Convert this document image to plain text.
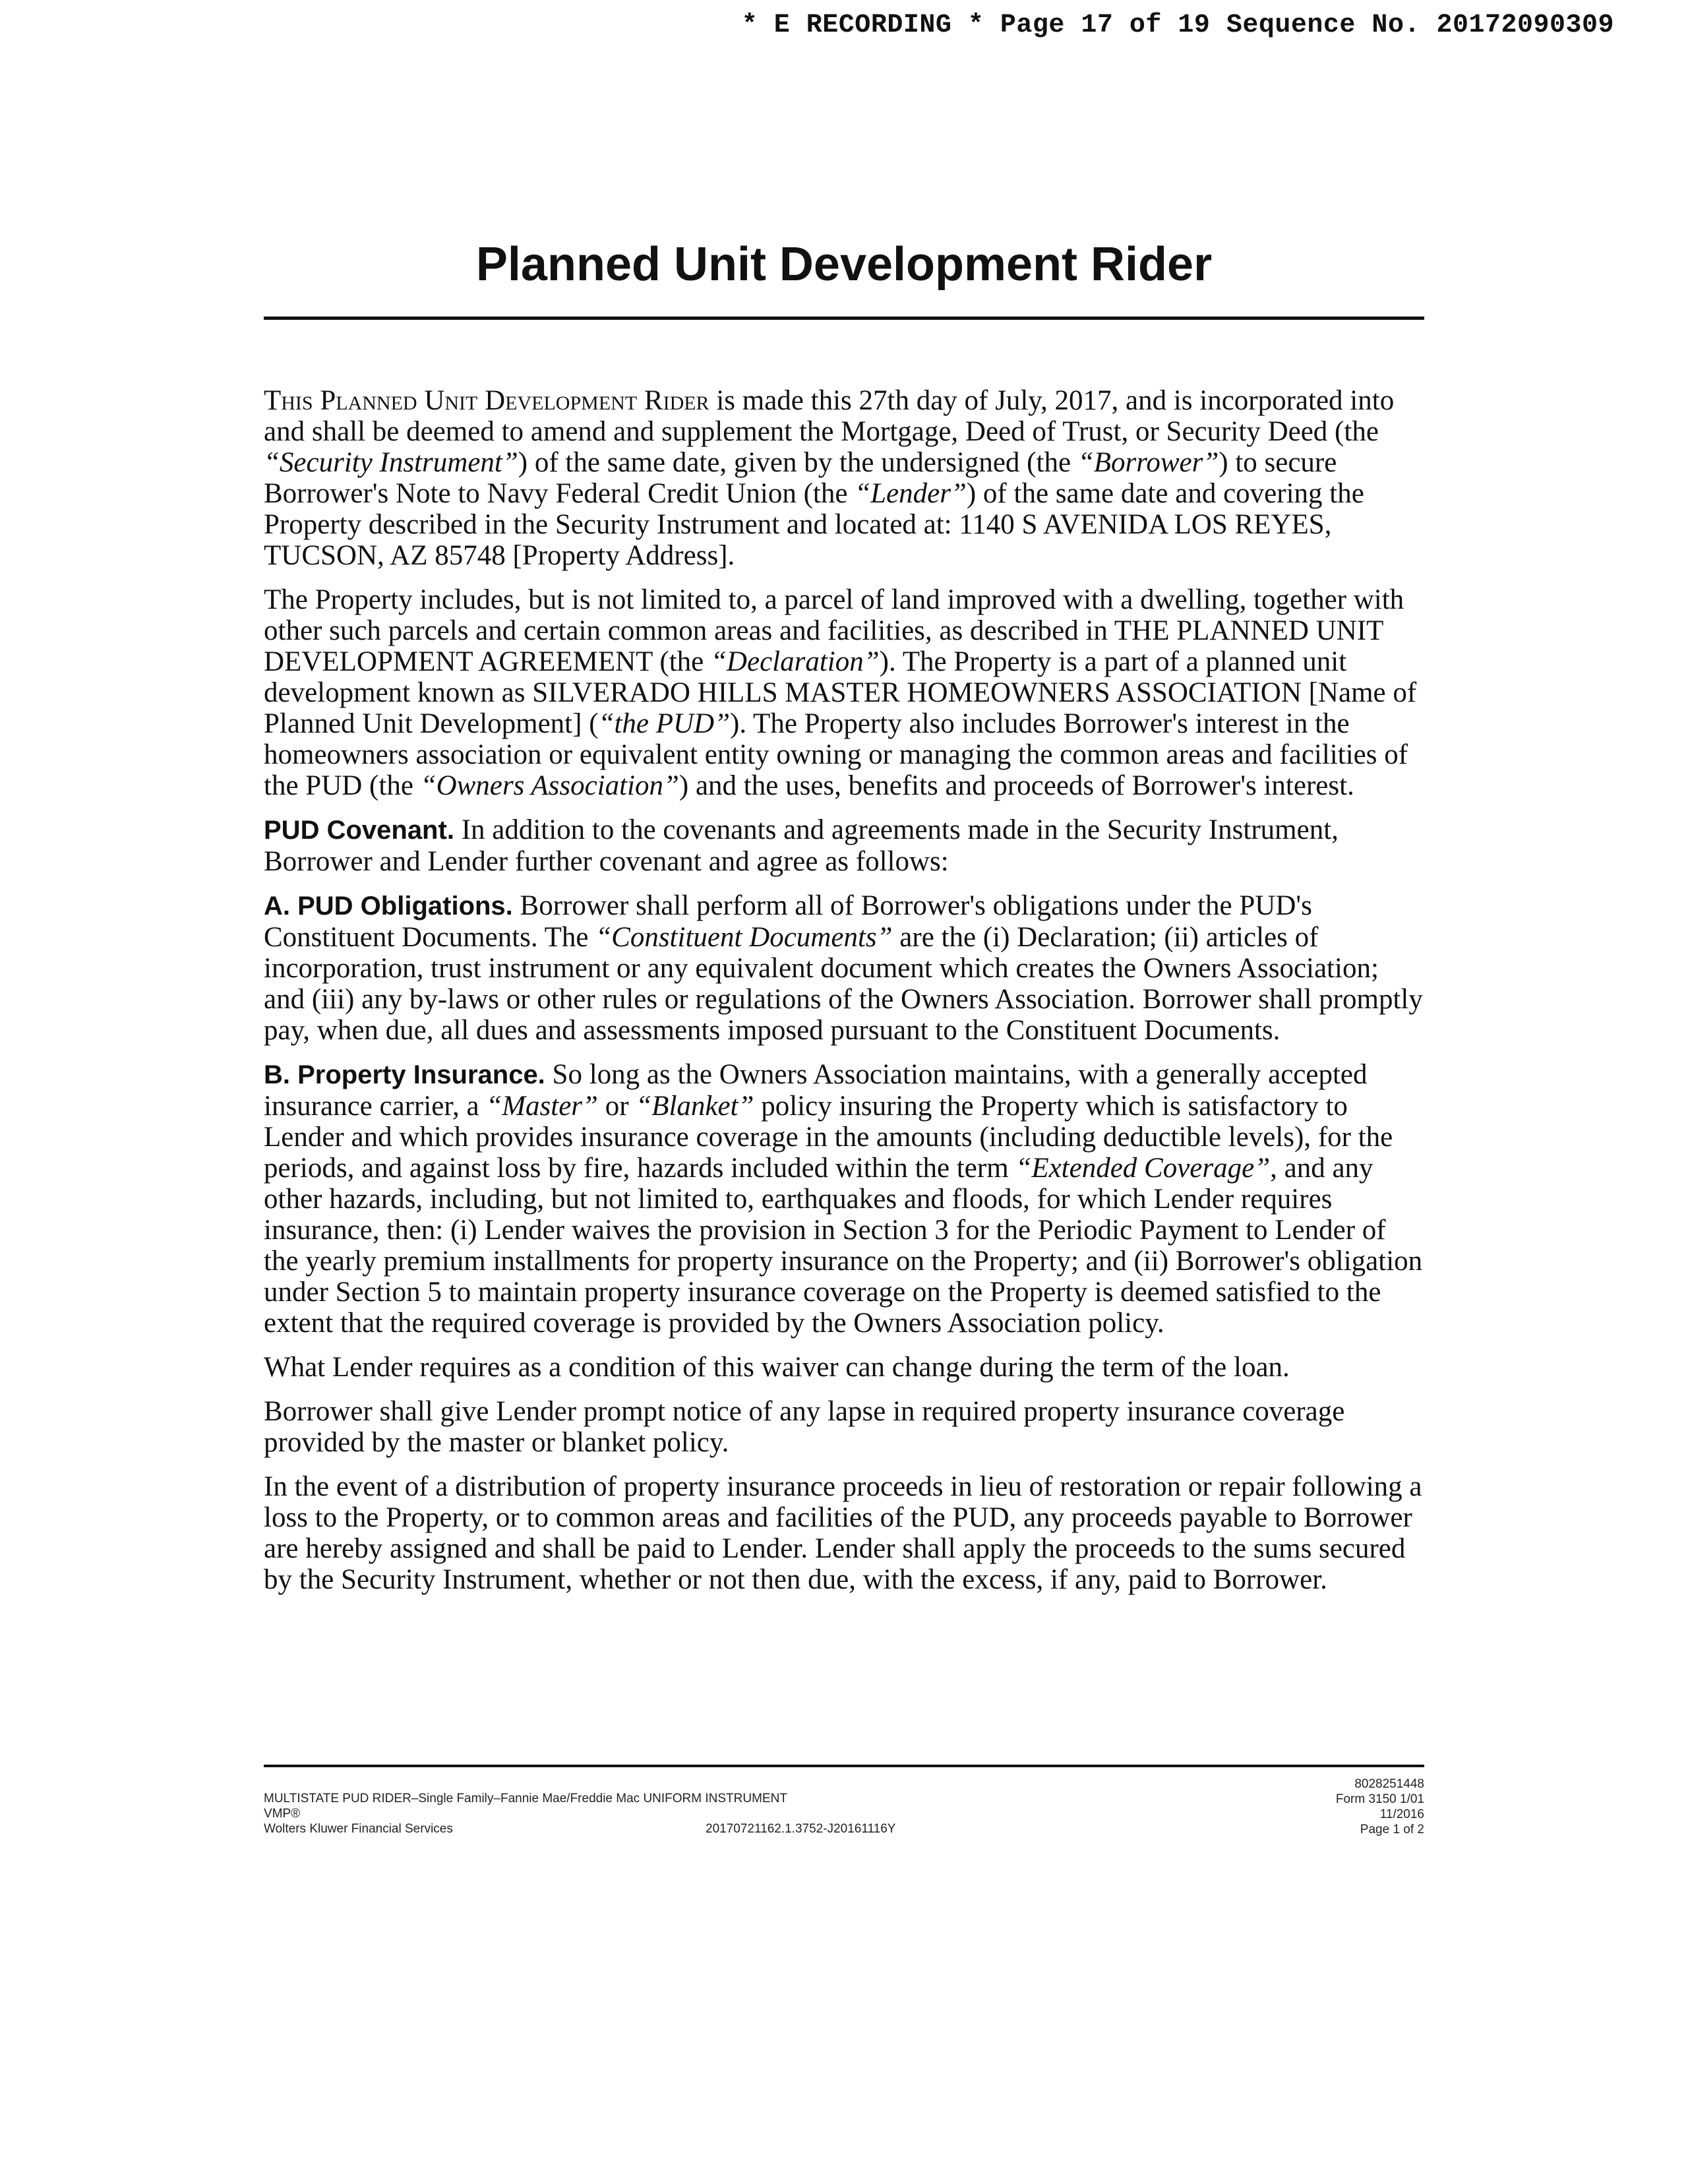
* E RECORDING * Page 17 of 19 Sequence No. 20172090309
Planned Unit Development Rider

This Planned Unit Development Rider is made this 27th day of July, 2017, and is incorporated into and shall be deemed to amend and supplement the Mortgage, Deed of Trust, or Security Deed (the “Security Instrument”) of the same date, given by the undersigned (the “Borrower”) to secure Borrower's Note to Navy Federal Credit Union (the “Lender”) of the same date and covering the Property described in the Security Instrument and located at: 1140 S AVENIDA LOS REYES, TUCSON, AZ 85748 [Property Address].

The Property includes, but is not limited to, a parcel of land improved with a dwelling, together with other such parcels and certain common areas and facilities, as described in THE PLANNED UNIT DEVELOPMENT AGREEMENT (the “Declaration”). The Property is a part of a planned unit development known as SILVERADO HILLS MASTER HOMEOWNERS ASSOCIATION [Name of Planned Unit Development] (“the PUD”). The Property also includes Borrower's interest in the homeowners association or equivalent entity owning or managing the common areas and facilities of the PUD (the “Owners Association”) and the uses, benefits and proceeds of Borrower's interest.

PUD Covenant. In addition to the covenants and agreements made in the Security Instrument, Borrower and Lender further covenant and agree as follows:

A. PUD Obligations. Borrower shall perform all of Borrower's obligations under the PUD's Constituent Documents. The “Constituent Documents” are the (i) Declaration; (ii) articles of incorporation, trust instrument or any equivalent document which creates the Owners Association; and (iii) any by-laws or other rules or regulations of the Owners Association. Borrower shall promptly pay, when due, all dues and assessments imposed pursuant to the Constituent Documents.

B. Property Insurance. So long as the Owners Association maintains, with a generally accepted insurance carrier, a “Master” or “Blanket” policy insuring the Property which is satisfactory to Lender and which provides insurance coverage in the amounts (including deductible levels), for the periods, and against loss by fire, hazards included within the term “Extended Coverage”, and any other hazards, including, but not limited to, earthquakes and floods, for which Lender requires insurance, then: (i) Lender waives the provision in Section 3 for the Periodic Payment to Lender of the yearly premium installments for property insurance on the Property; and (ii) Borrower's obligation under Section 5 to maintain property insurance coverage on the Property is deemed satisfied to the extent that the required coverage is provided by the Owners Association policy.

What Lender requires as a condition of this waiver can change during the term of the loan.

Borrower shall give Lender prompt notice of any lapse in required property insurance coverage provided by the master or blanket policy.

In the event of a distribution of property insurance proceeds in lieu of restoration or repair following a loss to the Property, or to common areas and facilities of the PUD, any proceeds payable to Borrower are hereby assigned and shall be paid to Lender. Lender shall apply the proceeds to the sums secured by the Security Instrument, whether or not then due, with the excess, if any, paid to Borrower.

MULTISTATE PUD RIDER–Single Family–Fannie Mae/Freddie Mac UNIFORM INSTRUMENT
VMP®
Wolters Kluwer Financial Services	20170721162.1.3752-J20161116Y
8028251448
Form 3150 1/01
11/2016
Page 1 of 2
